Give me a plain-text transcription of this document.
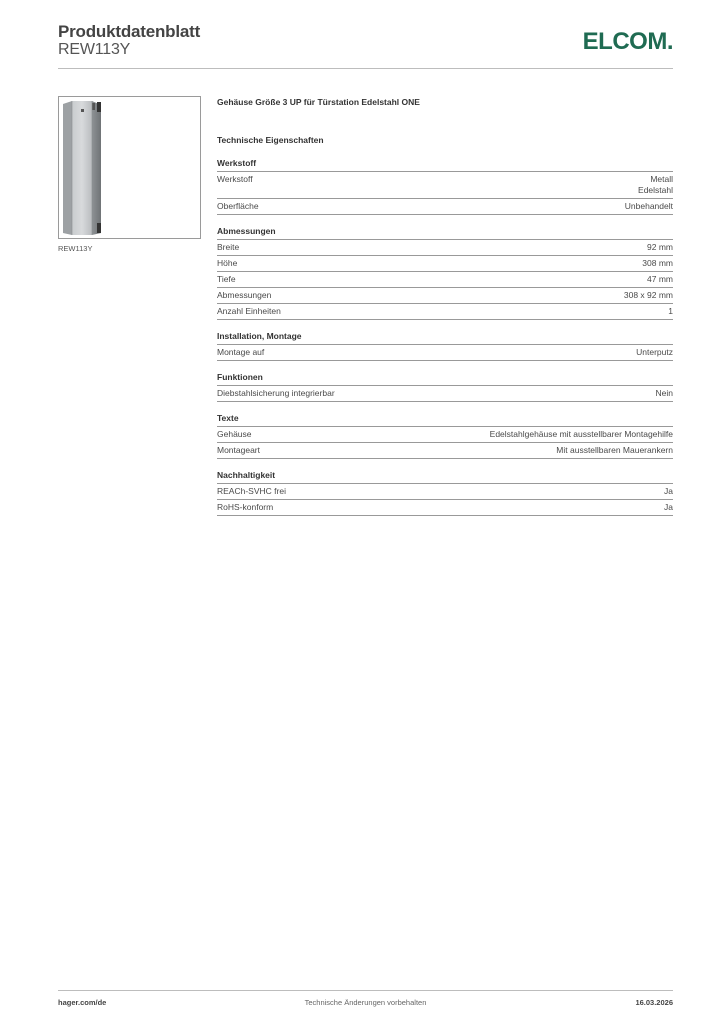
Produktdatenblatt
REW113Y	ELCOM.
REW113Y
Gehäuse Größe 3 UP für Türstation Edelstahl ONE
Technische Eigenschaften
Werkstoff
Werkstoff	Metall
Edelstahl
Oberfläche	Unbehandelt
Abmessungen
Breite	92 mm
Höhe	308 mm
Tiefe	47 mm
Abmessungen	308 x 92 mm
Anzahl Einheiten	1
Installation, Montage
Montage auf	Unterputz
Funktionen
Diebstahlsicherung integrierbar	Nein
Texte
Gehäuse	Edelstahlgehäuse mit ausstellbarer Montagehilfe
Montageart	Mit ausstellbaren Mauerankern
Nachhaltigkeit
REACh-SVHC frei	Ja
RoHS-konform	Ja
hager.com/de	Technische Änderungen vorbehalten	16.03.2026
